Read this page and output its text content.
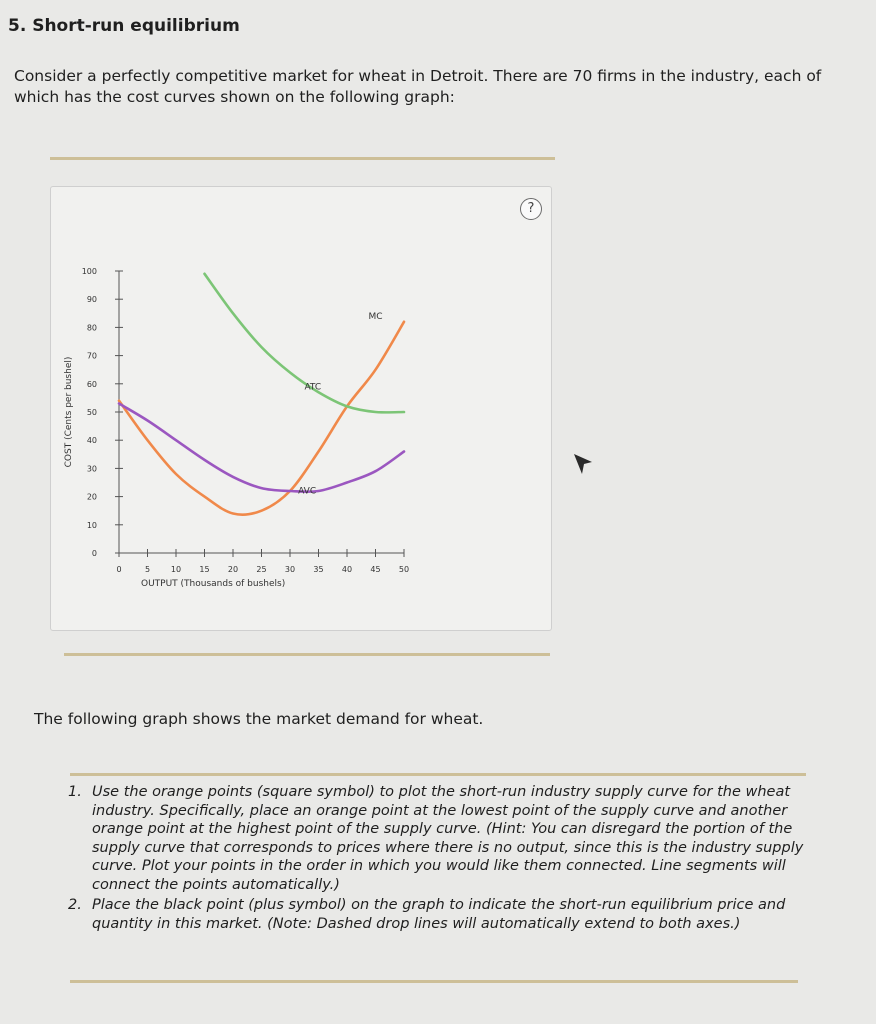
5. Short-run equilibrium
Consider a perfectly competitive market for wheat in Detroit. There are 70 firms in the industry, each of which has the cost curves shown on the following graph:
?
0
10
20
30
40
50
60
70
80
90
100
0	5	10 15 20 25 30 35 40 45 50
OUTPUT (Thousands of bushels)
COST (Cents per bushel)
MC
ATC
AVC
The following graph shows the market demand for wheat.
1. Use the orange points (square symbol) to plot the short-run industry supply curve for the wheat industry. Specifically, place an orange point at the lowest point of the supply curve and another orange point at the highest point of the supply curve. (Hint: You can disregard the portion of the supply curve that corresponds to prices where there is no output, since this is the industry supply curve. Plot your points in the order in which you would like them connected. Line segments will connect the points automatically.)
2. Place the black point (plus symbol) on the graph to indicate the short-run equilibrium price and quantity in this market. (Note: Dashed drop lines will automatically extend to both axes.)
